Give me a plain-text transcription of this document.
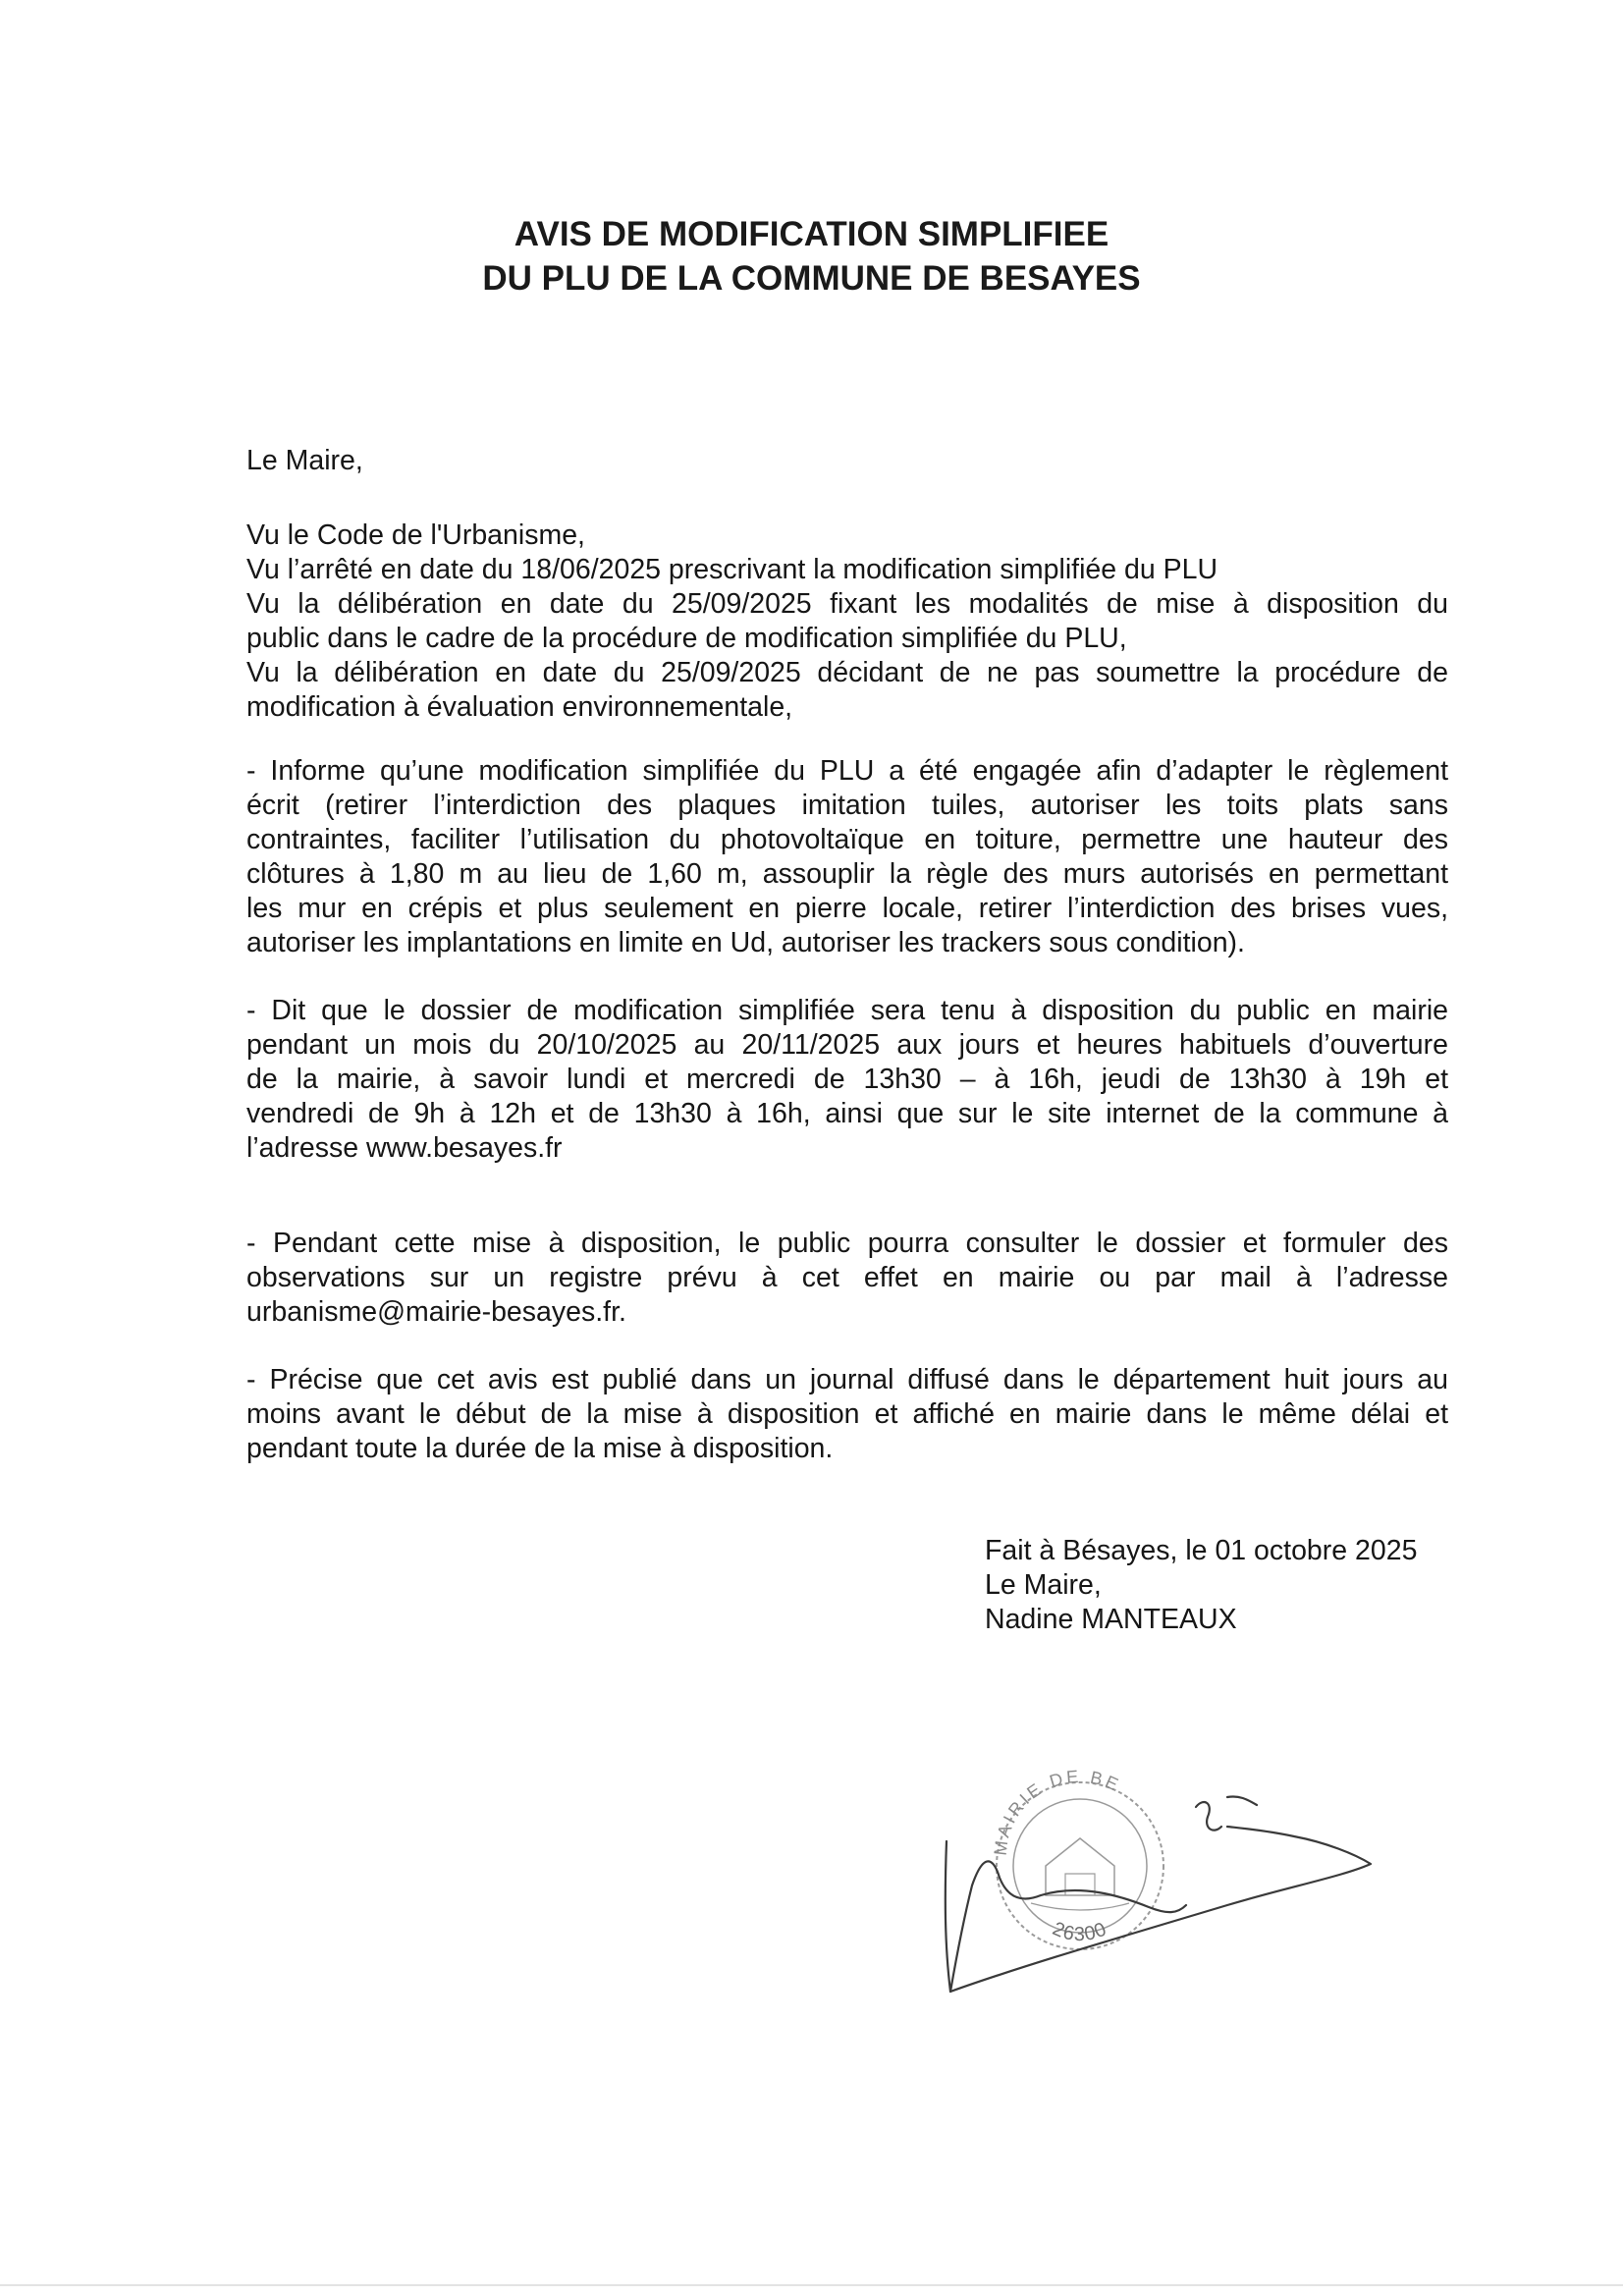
AVIS DE MODIFICATION SIMPLIFIEE
DU PLU DE LA COMMUNE DE BESAYES
Le Maire,
Vu le Code de l'Urbanisme,
Vu l’arrêté en date du 18/06/2025 prescrivant la modification simplifiée du PLU
Vu la délibération en date du 25/09/2025 fixant les modalités de mise à disposition du
public dans le cadre de la procédure de modification simplifiée du PLU,
Vu la délibération en date du 25/09/2025 décidant de ne pas soumettre la procédure de
modification à évaluation environnementale,
- Informe qu’une modification simplifiée du PLU a été engagée afin d’adapter le règlement
écrit (retirer l’interdiction des plaques imitation tuiles, autoriser les toits plats sans
contraintes, faciliter l’utilisation du photovoltaïque en toiture, permettre une hauteur des
clôtures à 1,80 m au lieu de 1,60 m, assouplir la règle des murs autorisés en permettant
les mur en crépis et plus seulement en pierre locale, retirer l’interdiction des brises vues,
autoriser les implantations en limite en Ud, autoriser les trackers sous condition).
- Dit que le dossier de modification simplifiée sera tenu à disposition du public en mairie
pendant un mois du 20/10/2025 au 20/11/2025 aux jours et heures habituels d’ouverture
de la mairie, à savoir lundi et mercredi de 13h30 – à 16h, jeudi de 13h30 à 19h et
vendredi de 9h à 12h et de 13h30 à 16h, ainsi que sur le site internet de la commune à
l’adresse www.besayes.fr
- Pendant cette mise à disposition, le public pourra consulter le dossier et formuler des
observations sur un registre prévu à cet effet en mairie ou par mail à l’adresse
urbanisme@mairie-besayes.fr.
- Précise que cet avis est publié dans un journal diffusé dans le département huit jours au
moins avant le début de la mise à disposition et affiché en mairie dans le même délai et
pendant toute la durée de la mise à disposition.
Fait à Bésayes, le 01 octobre 2025
Le Maire,
Nadine MANTEAUX
MAIRIE DE BE
26300
